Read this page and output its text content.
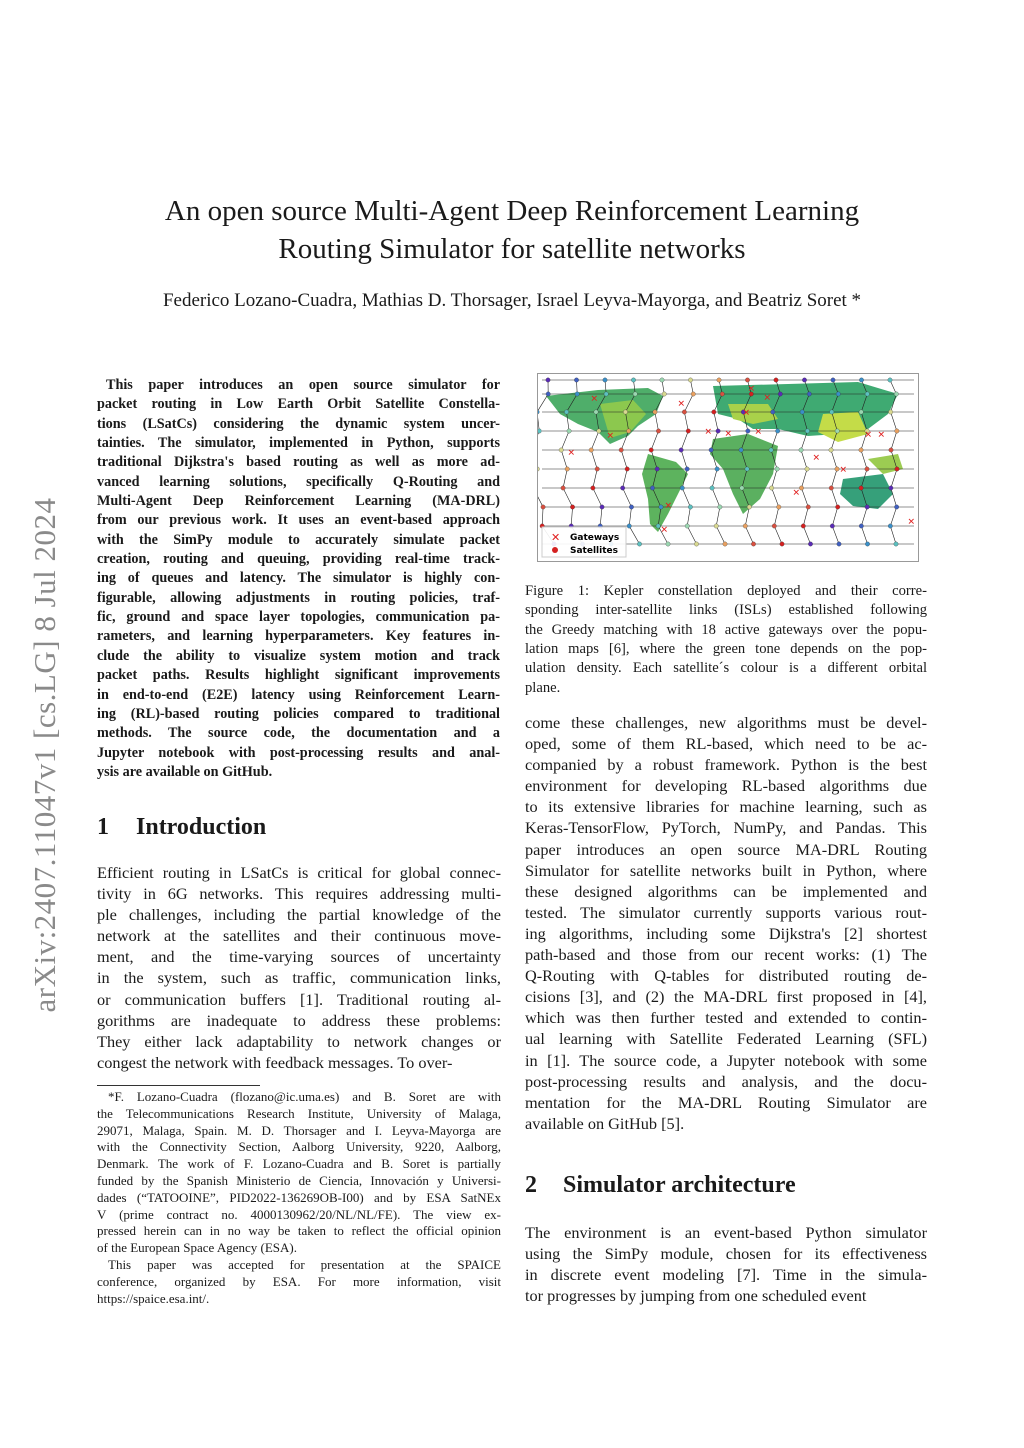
arXiv:2407.11047v1 [cs.LG] 8 Jul 2024
An open source Multi-Agent Deep Reinforcement Learning
Routing Simulator for satellite networks
Federico Lozano-Cuadra, Mathias D. Thorsager, Israel Leyva-Mayorga, and Beatriz Soret *
This paper introduces an open source simulator for
packet routing in Low Earth Orbit Satellite Constella-
tions (LSatCs) considering the dynamic system uncer-
tainties. The simulator, implemented in Python, supports
traditional Dijkstra's based routing as well as more ad-
vanced learning solutions, specifically Q-Routing and
Multi-Agent Deep Reinforcement Learning (MA-DRL)
from our previous work. It uses an event-based approach
with the SimPy module to accurately simulate packet
creation, routing and queuing, providing real-time track-
ing of queues and latency. The simulator is highly con-
figurable, allowing adjustments in routing policies, traf-
fic, ground and space layer topologies, communication pa-
rameters, and learning hyperparameters. Key features in-
clude the ability to visualize system motion and track
packet paths. Results highlight significant improvements
in end-to-end (E2E) latency using Reinforcement Learn-
ing (RL)-based routing policies compared to traditional
methods. The source code, the documentation and a
Jupyter notebook with post-processing results and anal-
ysis are available on GitHub.
1 Introduction
Efficient routing in LSatCs is critical for global connec-
tivity in 6G networks. This requires addressing multi-
ple challenges, including the partial knowledge of the
network at the satellites and their continuous move-
ment, and the time-varying sources of uncertainty
in the system, such as traffic, communication links,
or communication buffers [1]. Traditional routing al-
gorithms are inadequate to address these problems:
They either lack adaptability to network changes or
congest the network with feedback messages. To over-
*F. Lozano-Cuadra (flozano@ic.uma.es) and B. Soret are with
the Telecommunications Research Institute, University of Malaga,
29071, Malaga, Spain. M. D. Thorsager and I. Leyva-Mayorga are
with the Connectivity Section, Aalborg University, 9220, Aalborg,
Denmark. The work of F. Lozano-Cuadra and B. Soret is partially
funded by the Spanish Ministerio de Ciencia, Innovación y Universi-
dades (“TATOOINE”, PID2022-136269OB-I00) and by ESA SatNEx
V (prime contract no. 4000130962/20/NL/NL/FE). The view ex-
pressed herein can in no way be taken to reflect the official opinion
of the European Space Agency (ESA).
This paper was accepted for presentation at the SPAICE
conference, organized by ESA. For more information, visit
https://spaice.esa.int/.
✕	✕
✕
✕
✕ ✕
✕
✕
✕
✕
✕
✕
✕
✕ ✕
✕
✕
✕
✕ Gateways
Satellites
Figure 1: Kepler constellation deployed and their corre-
sponding inter-satellite links (ISLs) established following
the Greedy matching with 18 active gateways over the popu-
lation maps [6], where the green tone depends on the pop-
ulation density. Each satellite´s colour is a different orbital
plane.
come these challenges, new algorithms must be devel-
oped, some of them RL-based, which need to be ac-
companied by a robust framework. Python is the best
environment for developing RL-based algorithms due
to its extensive libraries for machine learning, such as
Keras-TensorFlow, PyTorch, NumPy, and Pandas. This
paper introduces an open source MA-DRL Routing
Simulator for satellite networks built in Python, where
these designed algorithms can be implemented and
tested. The simulator currently supports various rout-
ing algorithms, including some Dijkstra's [2] shortest
path-based and those from our recent works: (1) The
Q-Routing with Q-tables for distributed routing de-
cisions [3], and (2) the MA-DRL first proposed in [4],
which was then further tested and extended to contin-
ual learning with Satellite Federated Learning (SFL)
in [1]. The source code, a Jupyter notebook with some
post-processing results and analysis, and the docu-
mentation for the MA-DRL Routing Simulator are
available on GitHub [5].
2 Simulator architecture
The environment is an event-based Python simulator
using the SimPy module, chosen for its effectiveness
in discrete event modeling [7]. Time in the simula-
tor progresses by jumping from one scheduled event
